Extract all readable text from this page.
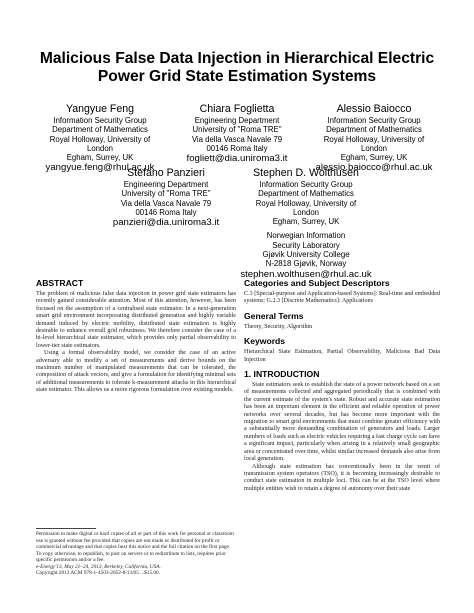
Malicious False Data Injection in Hierarchical Electric
Power Grid State Estimation Systems
Yangyue Feng
Information Security Group
Department of Mathematics
Royal Holloway, University of
London
Egham, Surrey, UK
yangyue.feng@rhul.ac.uk
Chiara Foglietta
Engineering Department
University of "Roma TRE"
Via della Vasca Navale 79
00146 Roma Italy
fogliett@dia.uniroma3.it
Alessio Baiocco
Information Security Group
Department of Mathematics
Royal Holloway, University of
London
Egham, Surrey, UK
alessio.baiocco@rhul.ac.uk
Stefano Panzieri
Engineering Department
University of "Roma TRE"
Via della Vasca Navale 79
00146 Roma Italy
panzieri@dia.uniroma3.it
Stephen D. Wolthusen
Information Security Group
Department of Mathematics
Royal Holloway, University of
London
Egham, Surrey, UK
Norwegian Information
Security Laboratory
Gjøvik University College
N-2818 Gjøvik, Norway
stephen.wolthusen@rhul.ac.uk
ABSTRACT

The problem of malicious false data injection in power grid state estimators has recently gained considerable attention. Most of this attention, however, has been focused on the assumption of a centralised state estimator. In a next-generation smart grid environment incorporating distributed generation and highly variable demand induced by electric mobility, distributed state estimation is highly desirable to enhance overall grid robustness. We therefore consider the case of a bi-level hierarchical state estimator, which provides only partial observability to lower-tier state estimators.

Using a formal observability model, we consider the case of an active adversary able to modify a set of measurements and derive bounds on the maximum number of manipulated measurements that can be tolerated, the composition of attack vectors, and give a formulation for identifying minimal sets of additional measurements to tolerate k-measurement attacks in this hierarchical state estimator. This allows us a more rigorous formulation over existing models.

Permission to make digital or hard copies of all or part of this work for personal or classroom use is granted without fee provided that copies are not made or distributed for profit or commercial advantage and that copies bear this notice and the full citation on the first page. To copy otherwise, to republish, to post on servers or to redistribute to lists, requires prior specific permission and/or a fee.
e-Energy'13, May 21–24, 2013, Berkeley, California, USA.
Copyright 2013 ACM 978-1-4503-2052-8/13/05 ...$15.00.
Categories and Subject Descriptors

C.3 [Special-purpose and Application-based Systems]: Real-time and embedded systems; G.2.3 [Discrete Mathematics]: Applications

General Terms

Theory, Security, Algorithm

Keywords

Hierarchical State Estimation, Partial Observability, Malicious Bad Data Injection

1. INTRODUCTION

State estimators seek to establish the state of a power network based on a set of measurements collected and aggregated periodically that is combined with the current estimate of the system's state. Robust and accurate state estimation has been an important element in the efficient and reliable operation of power networks over several decades, but has become more important with the migration to smart grid environments that must combine greater efficiency with a substantially more demanding combination of generators and loads. Larger numbers of loads such as electric vehicles requiring a fast charge cycle can have a significant impact, particularly when arising in a relatively small geographic area or concentrated over time, whilst similar increased demands also arise from local generation.

Although state estimation has conventionally been in the remit of transmission system operators (TSO), it is becoming increasingly desirable to conduct state estimation in multiple loci. This can be at the TSO level where multiple entities wish to retain a degree of autonomy over their state
